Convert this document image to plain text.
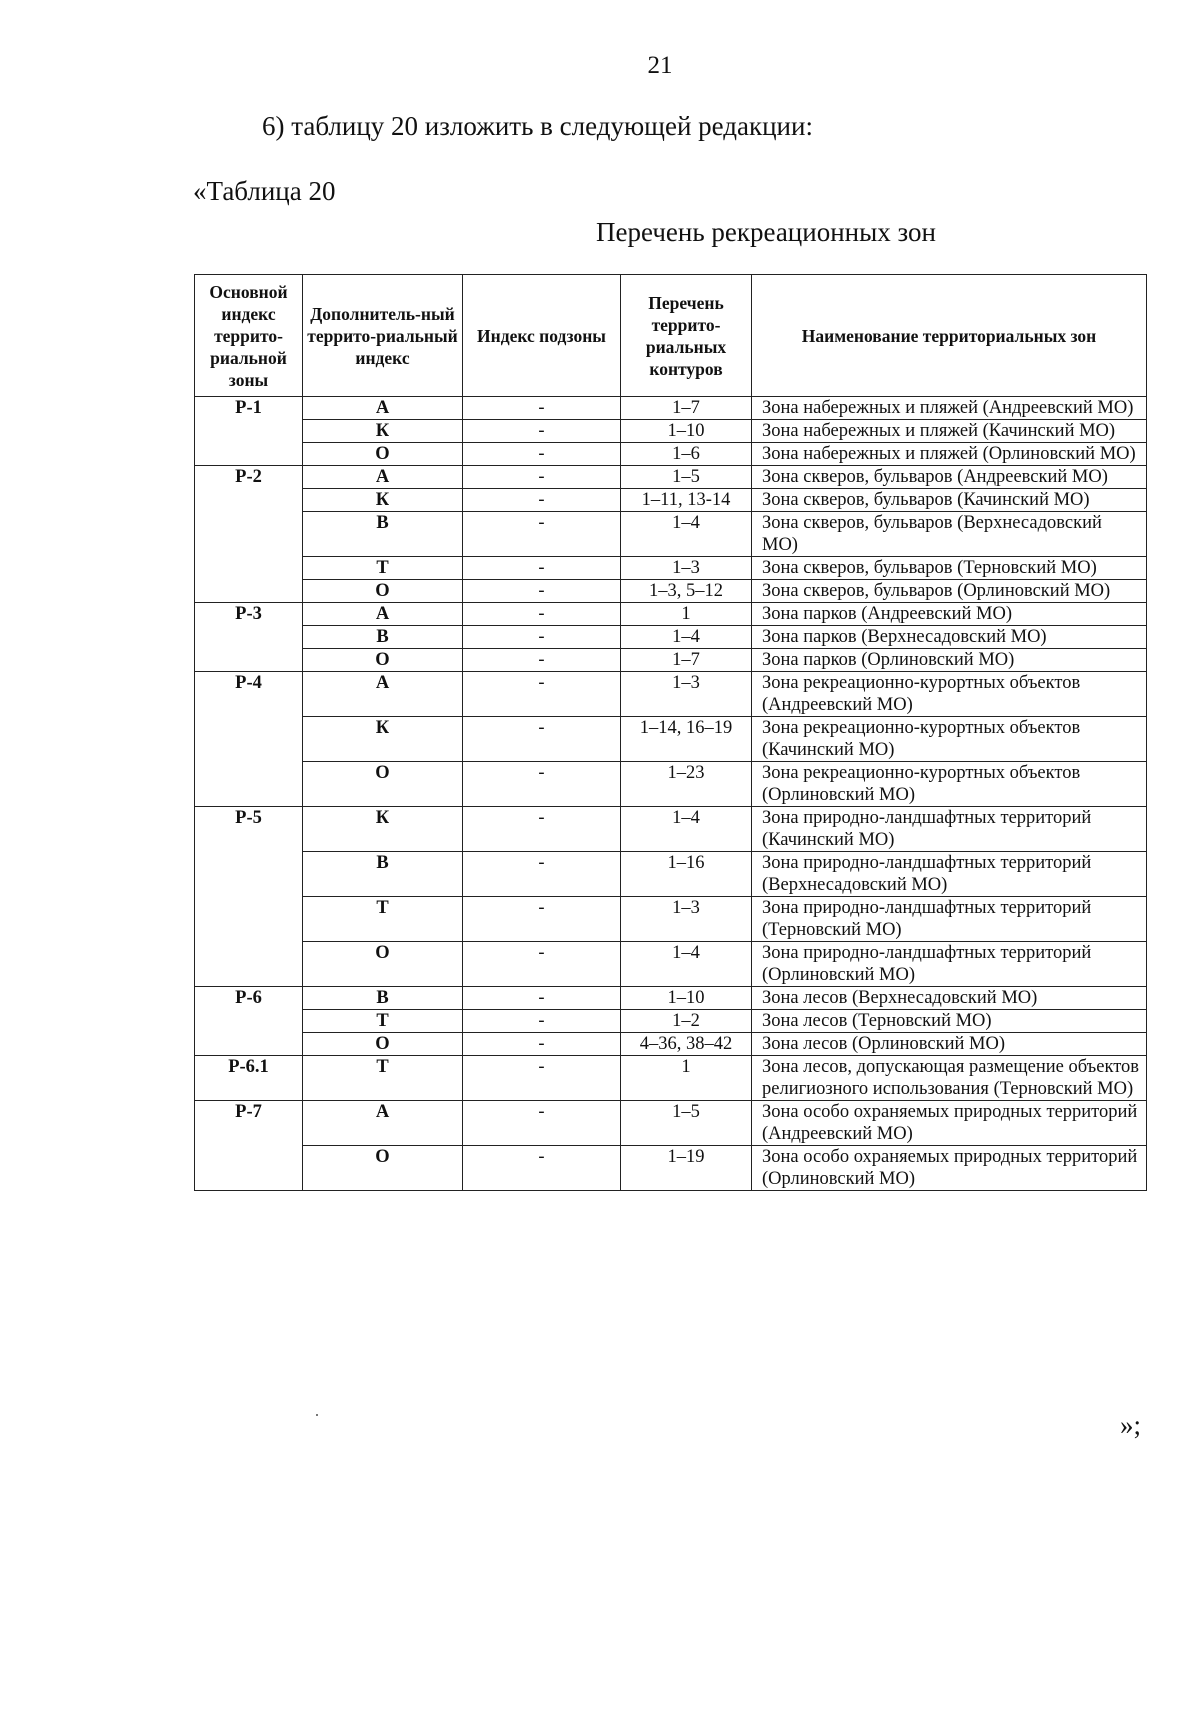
21
6) таблицу 20 изложить в следующей редакции:
«Таблица 20
Перечень рекреационных зон
Основной индекс террито-риальной зоны	Дополнитель-ный террито-риальный индекс	Индекс подзоны	Перечень террито-риальных контуров	Наименование территориальных зон
Р-1	А	-	1–7	Зона набережных и пляжей (Андреевский МО)
	К	-	1–10	Зона набережных и пляжей (Качинский МО)
	О	-	1–6	Зона набережных и пляжей (Орлиновский МО)
Р-2	А	-	1–5	Зона скверов, бульваров (Андреевский МО)
	К	-	1–11, 13-14	Зона скверов, бульваров (Качинский МО)
	В	-	1–4	Зона скверов, бульваров (Верхнесадовский МО)
	Т	-	1–3	Зона скверов, бульваров (Терновский МО)
	О	-	1–3, 5–12	Зона скверов, бульваров (Орлиновский МО)
Р-3	А	-	1	Зона парков (Андреевский МО)
	В	-	1–4	Зона парков (Верхнесадовский МО)
	О	-	1–7	Зона парков (Орлиновский МО)
Р-4	А	-	1–3	Зона рекреационно-курортных объектов (Андреевский МО)
	К	-	1–14, 16–19	Зона рекреационно-курортных объектов (Качинский МО)
	О	-	1–23	Зона рекреационно-курортных объектов (Орлиновский МО)
Р-5	К	-	1–4	Зона природно-ландшафтных территорий (Качинский МО)
	В	-	1–16	Зона природно-ландшафтных территорий (Верхнесадовский МО)
	Т	-	1–3	Зона природно-ландшафтных территорий (Терновский МО)
	О	-	1–4	Зона природно-ландшафтных территорий (Орлиновский МО)
Р-6	В	-	1–10	Зона лесов (Верхнесадовский МО)
	Т	-	1–2	Зона лесов (Терновский МО)
	О	-	4–36, 38–42	Зона лесов (Орлиновский МО)
Р-6.1	Т	-	1	Зона лесов, допускающая размещение объектов религиозного использования (Терновский МО)
Р-7	А	-	1–5	Зона особо охраняемых природных территорий (Андреевский МО)
	О	-	1–19	Зона особо охраняемых природных территорий (Орлиновский МО)
»;
